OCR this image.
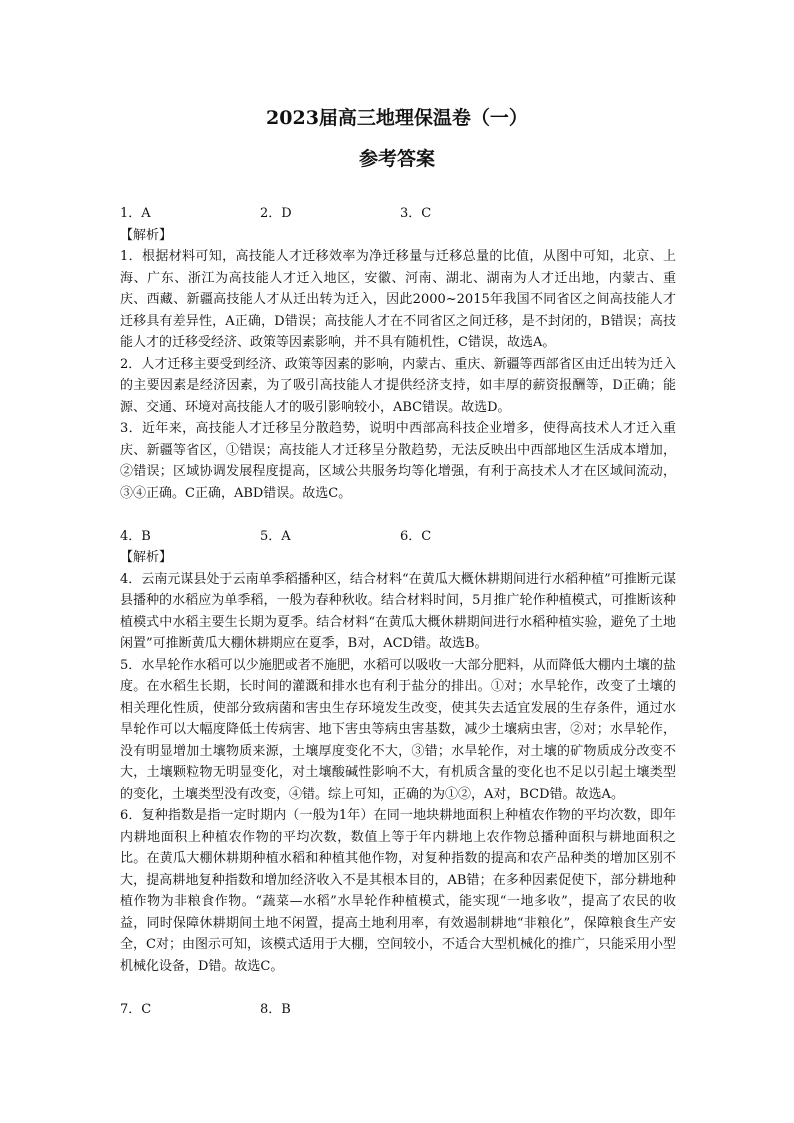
2023届高三地理保温卷（一）
参考答案
1．A	2．D	3．C
【解析】

1．根据材料可知，高技能人才迁移效率为净迁移量与迁移总量的比值，从图中可知，北京、上海、广东、浙江为高技能人才迁入地区，安徽、河南、湖北、湖南为人才迁出地，内蒙古、重庆、西藏、新疆高技能人才从迁出转为迁入，因此2000~2015年我国不同省区之间高技能人才迁移具有差异性，A正确，D错误；高技能人才在不同省区之间迁移，是不封闭的，B错误；高技能人才的迁移受经济、政策等因素影响，并不具有随机性，C错误，故选A。

2．人才迁移主要受到经济、政策等因素的影响，内蒙古、重庆、新疆等西部省区由迁出转为迁入的主要因素是经济因素，为了吸引高技能人才提供经济支持，如丰厚的薪资报酬等，D正确；能源、交通、环境对高技能人才的吸引影响较小，ABC错误。故选D。

3．近年来，高技能人才迁移呈分散趋势，说明中西部高科技企业增多，使得高技术人才迁入重庆、新疆等省区，①错误；高技能人才迁移呈分散趋势，无法反映出中西部地区生活成本增加，②错误；区域协调发展程度提高，区域公共服务均等化增强，有利于高技术人才在区域间流动，③④正确。C正确，ABD错误。故选C。

4．B	5．A	6．C
【解析】

4．云南元谋县处于云南单季稻播种区，结合材料“在黄瓜大概休耕期间进行水稻种植”可推断元谋县播种的水稻应为单季稻，一般为春种秋收。结合材料时间，5月推广轮作种植模式，可推断该种植模式中水稻主要生长期为夏季。结合材料“在黄瓜大概休耕期间进行水稻种植实验，避免了土地闲置”可推断黄瓜大棚休耕期应在夏季，B对，ACD错。故选B。

5．水旱轮作水稻可以少施肥或者不施肥，水稻可以吸收一大部分肥料，从而降低大棚内土壤的盐度。在水稻生长期，长时间的灌溉和排水也有利于盐分的排出。①对；水旱轮作，改变了土壤的相关理化性质，使部分致病菌和害虫生存环境发生改变，使其失去适宜发展的生存条件，通过水旱轮作可以大幅度降低土传病害、地下害虫等病虫害基数，减少土壤病虫害，②对；水旱轮作，没有明显增加土壤物质来源，土壤厚度变化不大，③错；水旱轮作，对土壤的矿物质成分改变不大，土壤颗粒物无明显变化，对土壤酸碱性影响不大，有机质含量的变化也不足以引起土壤类型的变化，土壤类型没有改变，④错。综上可知，正确的为①②，A对，BCD错。故选A。

6．复种指数是指一定时期内（一般为1年）在同一地块耕地面积上种植农作物的平均次数，即年内耕地面积上种植农作物的平均次数，数值上等于年内耕地上农作物总播种面积与耕地面积之比。在黄瓜大棚休耕期种植水稻和种植其他作物，对复种指数的提高和农产品种类的增加区别不大，提高耕地复种指数和增加经济收入不是其根本目的，AB错；在多种因素促使下，部分耕地种植作物为非粮食作物。“蔬菜—水稻”水旱轮作种植模式，能实现“一地多收”，提高了农民的收益，同时保障休耕期间土地不闲置，提高土地利用率，有效遏制耕地“非粮化”，保障粮食生产安全，C对；由图示可知，该模式适用于大棚，空间较小，不适合大型机械化的推广，只能采用小型机械化设备，D错。故选C。

7．C	8．B
